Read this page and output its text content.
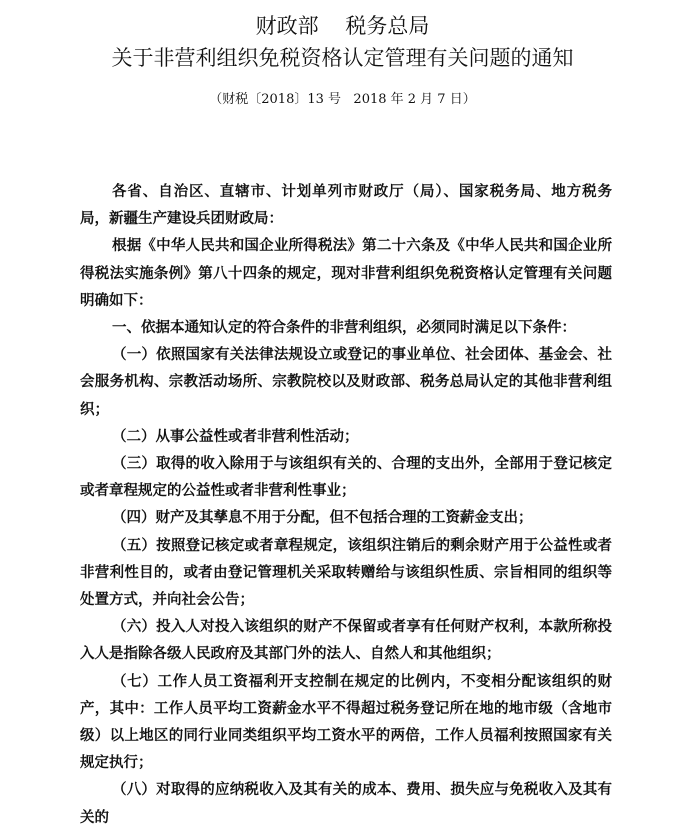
财政部    税务总局
关于非营利组织免税资格认定管理有关问题的通知
（财税〔2018〕13 号   2018 年 2 月 7 日）

各省、自治区、直辖市、计划单列市财政厅（局）、国家税务局、地方税务局，新疆生产建设兵团财政局：

根据《中华人民共和国企业所得税法》第二十六条及《中华人民共和国企业所得税法实施条例》第八十四条的规定，现对非营利组织免税资格认定管理有关问题明确如下：

一、依据本通知认定的符合条件的非营利组织，必须同时满足以下条件：

（一）依照国家有关法律法规设立或登记的事业单位、社会团体、基金会、社会服务机构、宗教活动场所、宗教院校以及财政部、税务总局认定的其他非营利组织；

（二）从事公益性或者非营利性活动；

（三）取得的收入除用于与该组织有关的、合理的支出外，全部用于登记核定或者章程规定的公益性或者非营利性事业；

（四）财产及其孳息不用于分配，但不包括合理的工资薪金支出；

（五）按照登记核定或者章程规定，该组织注销后的剩余财产用于公益性或者非营利性目的，或者由登记管理机关采取转赠给与该组织性质、宗旨相同的组织等处置方式，并向社会公告；

（六）投入人对投入该组织的财产不保留或者享有任何财产权利，本款所称投入人是指除各级人民政府及其部门外的法人、自然人和其他组织；

（七）工作人员工资福利开支控制在规定的比例内，不变相分配该组织的财产，其中：工作人员平均工资薪金水平不得超过税务登记所在地的地市级（含地市级）以上地区的同行业同类组织平均工资水平的两倍，工作人员福利按照国家有关规定执行；

（八）对取得的应纳税收入及其有关的成本、费用、损失应与免税收入及其有关的
